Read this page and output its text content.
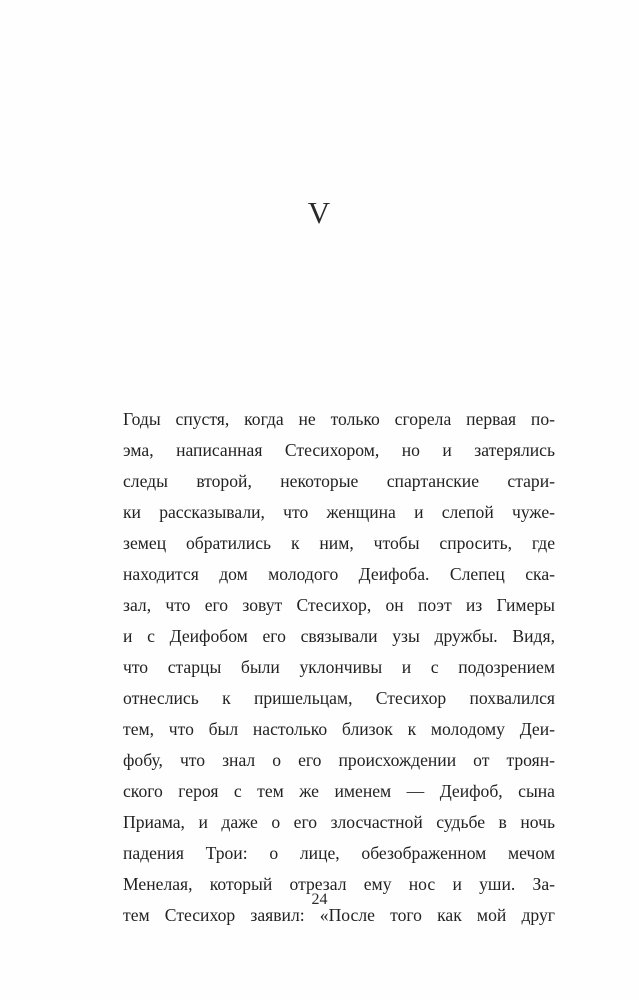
V
Годы спустя, когда не только сгорела первая по-
эма, написанная Стесихором, но и затерялись
следы второй, некоторые спартанские стари-
ки рассказывали, что женщина и слепой чуже-
земец обратились к ним, чтобы спросить, где
находится дом молодого Деифоба. Слепец ска-
зал, что его зовут Стесихор, он поэт из Гимеры
и с Деифобом его связывали узы дружбы. Видя,
что старцы были уклончивы и с подозрением
отнеслись к пришельцам, Стесихор похвалился
тем, что был настолько близок к молодому Деи-
фобу, что знал о его происхождении от троян-
ского героя с тем же именем — Деифоб, сына
Приама, и даже о его злосчастной судьбе в ночь
падения Трои: о лице, обезображенном мечом
Менелая, который отрезал ему нос и уши. За-
тем Стесихор заявил: «После того как мой друг
24
